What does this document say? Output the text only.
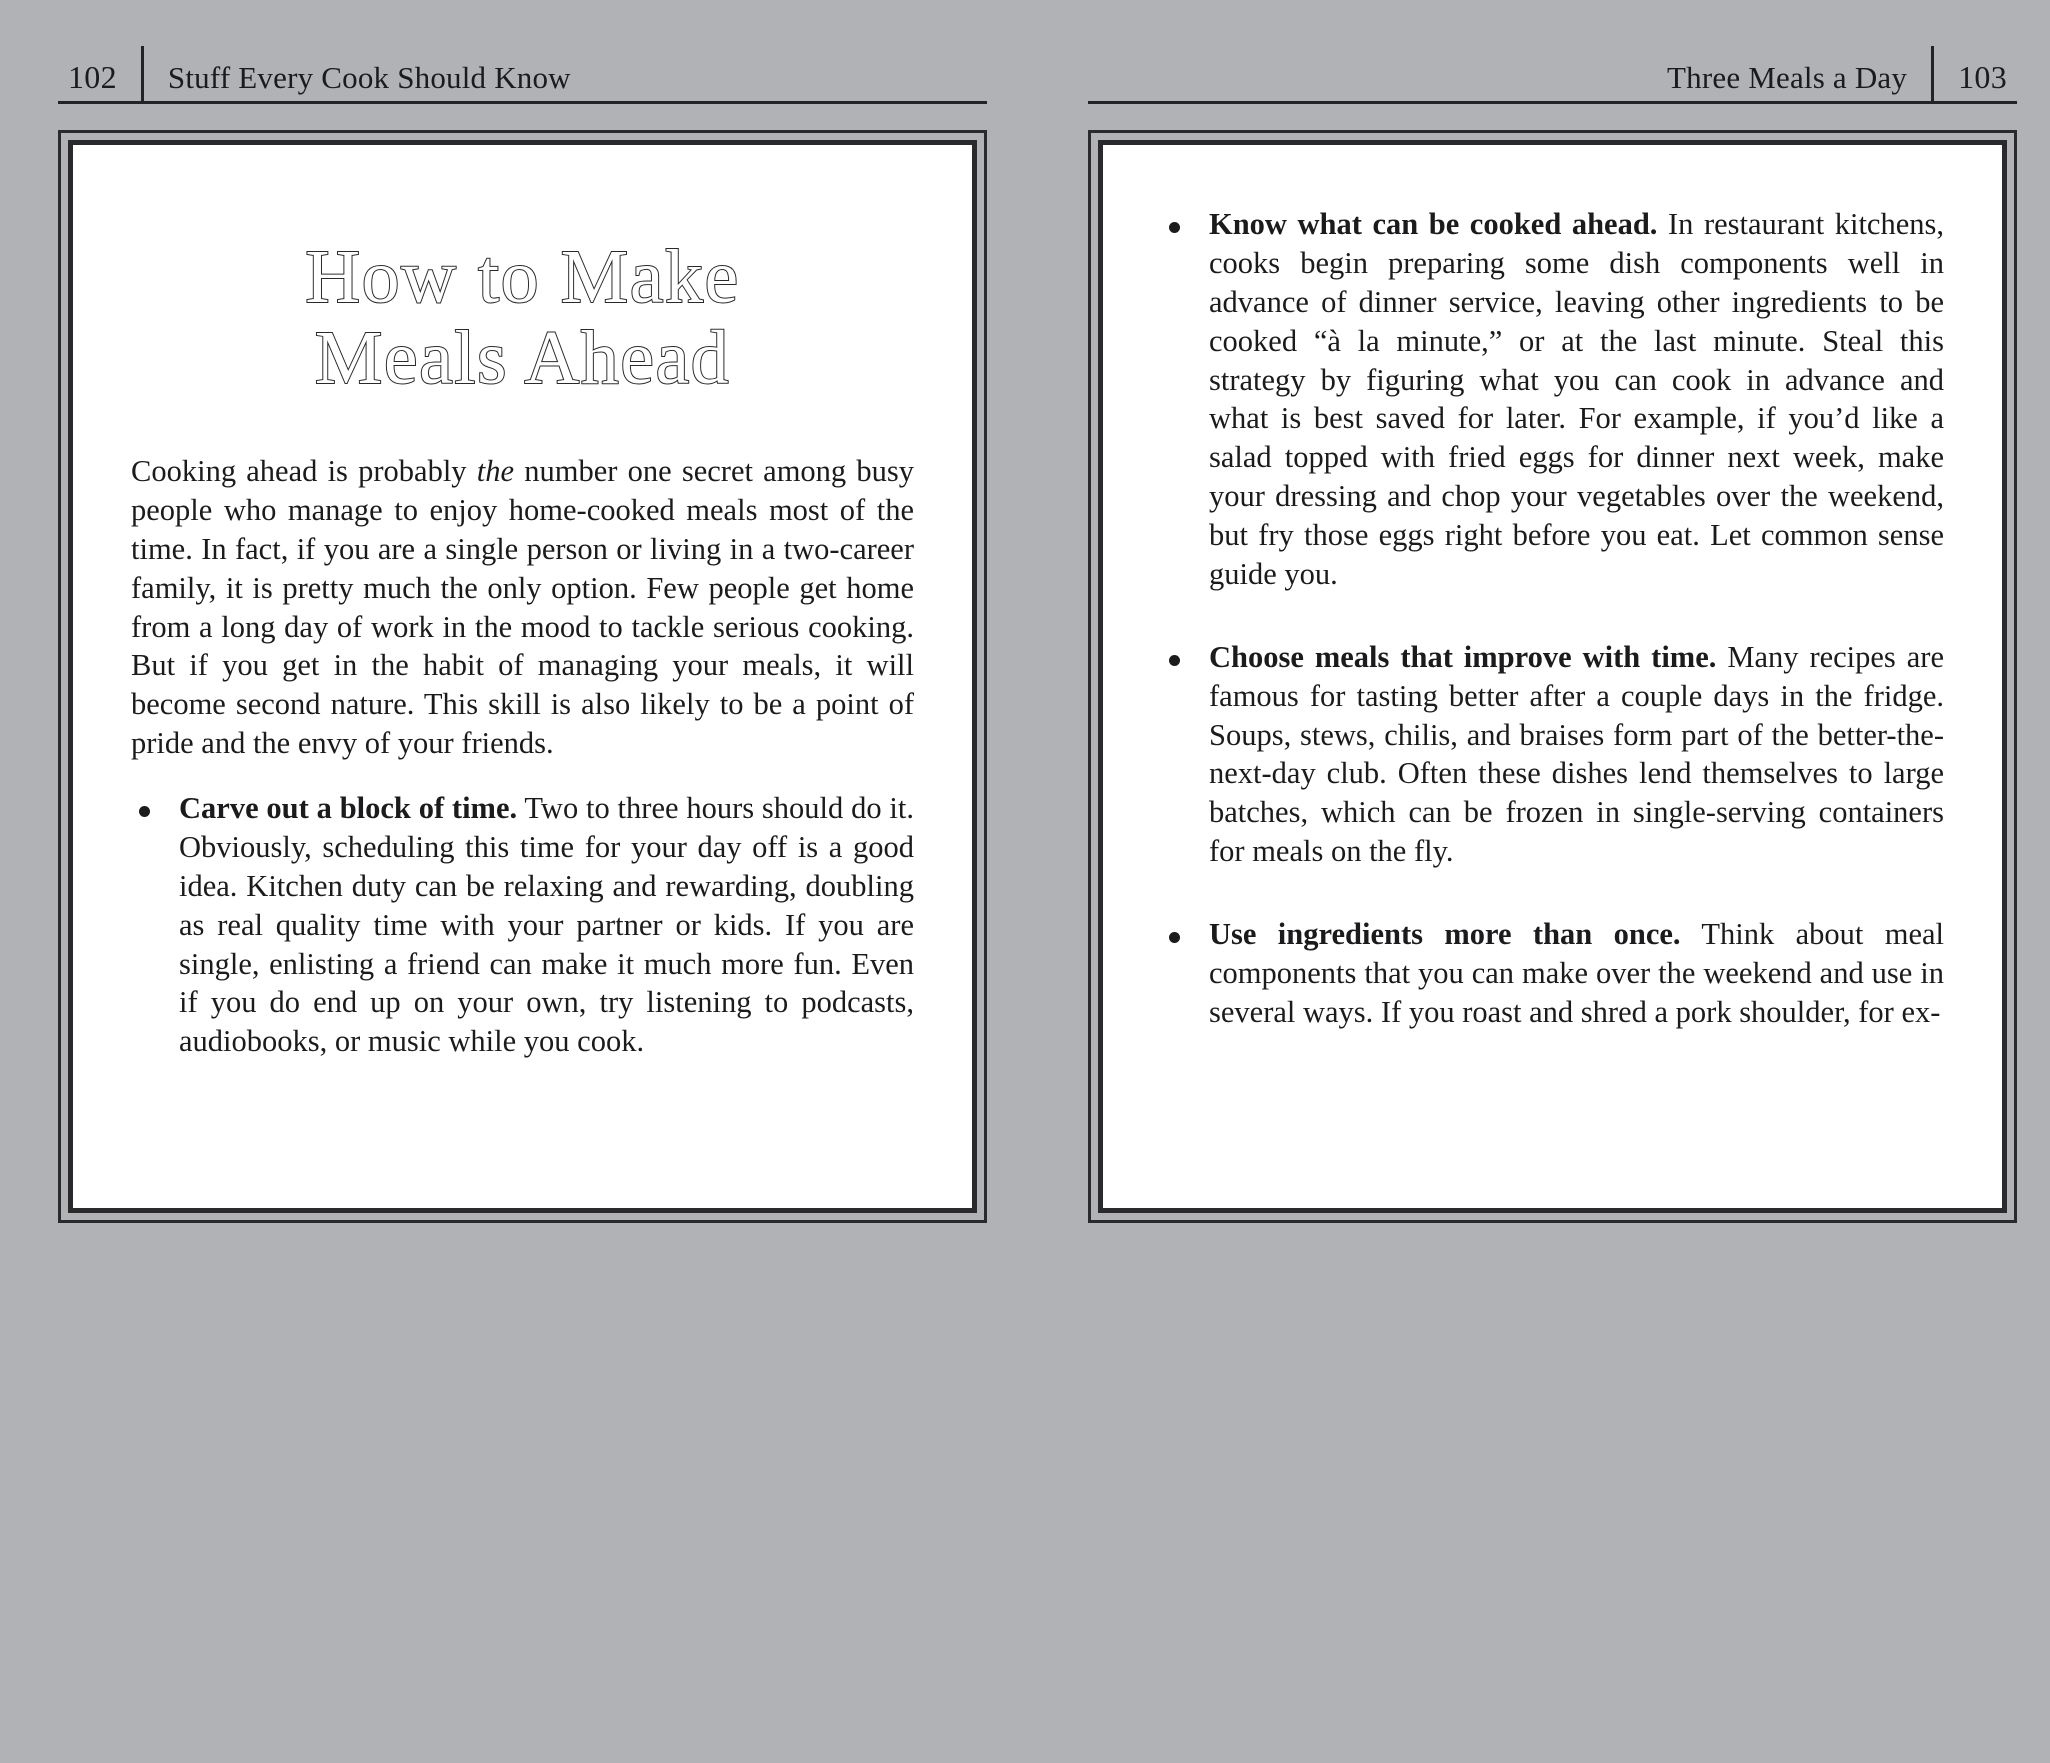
102	Stuff Every Cook Should Know
How to Make
Meals Ahead

Cooking ahead is probably the number one secret among busy people who manage to enjoy home-cooked meals most of the time. In fact, if you are a single person or living in a two-career family, it is pretty much the only option. Few people get home from a long day of work in the mood to tackle serious cooking. But if you get in the habit of managing your meals, it will become second nature. This skill is also likely to be a point of pride and the envy of your friends.

Carve out a block of time. Two to three hours should do it. Obviously, scheduling this time for your day off is a good idea. Kitchen duty can be relaxing and rewarding, doubling as real quality time with your partner or kids. If you are single, enlisting a friend can make it much more fun. Even if you do end up on your own, try listening to podcasts, audiobooks, or music while you cook.
Three Meals a Day	103
Know what can be cooked ahead. In restaurant kitchens, cooks begin preparing some dish components well in advance of dinner service, leaving other ingredients to be cooked “à la minute,” or at the last minute. Steal this strategy by figuring what you can cook in advance and what is best saved for later. For example, if you’d like a salad topped with fried eggs for dinner next week, make your dressing and chop your vegetables over the weekend, but fry those eggs right before you eat. Let common sense guide you.
Choose meals that improve with time. Many recipes are famous for tasting better after a couple days in the fridge. Soups, stews, chilis, and braises form part of the better-the-next-day club. Often these dishes lend themselves to large batches, which can be frozen in single-serving containers for meals on the fly.
Use ingredients more than once. Think about meal components that you can make over the weekend and use in several ways. If you roast and shred a pork shoulder, for ex-
